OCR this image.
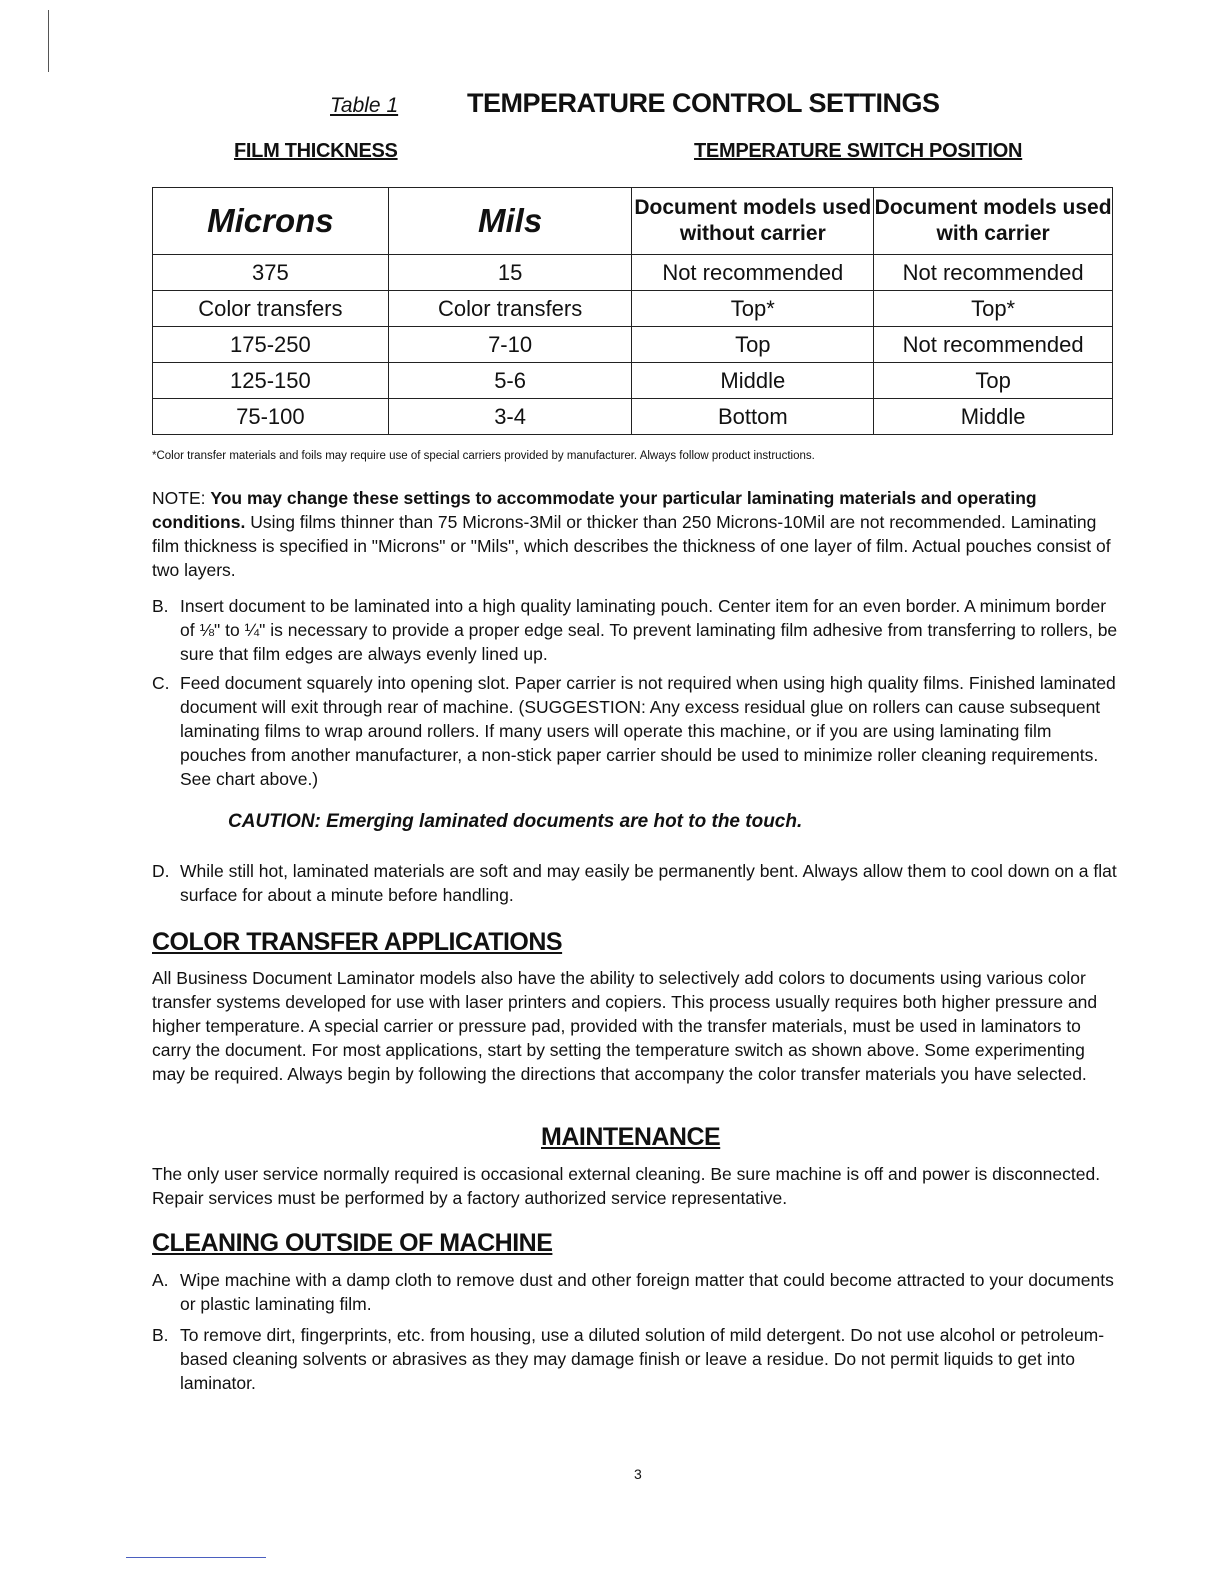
Table 1	TEMPERATURE CONTROL SETTINGS
FILM THICKNESS	TEMPERATURE SWITCH POSITION
Microns	Mils	Document models used without carrier	Document models used with carrier
375	15	Not recommended	Not recommended
Color transfers	Color transfers	Top*	Top*
175-250	7-10	Top	Not recommended
125-150	5-6	Middle	Top
75-100	3-4	Bottom	Middle
*Color transfer materials and foils may require use of special carriers provided by manufacturer. Always follow product instructions.
NOTE: You may change these settings to accommodate your particular laminating materials and operating conditions. Using films thinner than 75 Microns-3Mil or thicker than 250 Microns-10Mil are not recommended. Laminating film thickness is specified in "Microns" or "Mils", which describes the thickness of one layer of film. Actual pouches consist of two layers.
B. Insert document to be laminated into a high quality laminating pouch. Center item for an even border. A minimum border of ⅛" to ¼" is necessary to provide a proper edge seal. To prevent laminating film adhesive from transferring to rollers, be sure that film edges are always evenly lined up.
C. Feed document squarely into opening slot. Paper carrier is not required when using high quality films. Finished laminated document will exit through rear of machine. (SUGGESTION: Any excess residual glue on rollers can cause subsequent laminating films to wrap around rollers. If many users will operate this machine, or if you are using laminating film pouches from another manufacturer, a non-stick paper carrier should be used to minimize roller cleaning requirements. See chart above.)
CAUTION: Emerging laminated documents are hot to the touch.
D. While still hot, laminated materials are soft and may easily be permanently bent. Always allow them to cool down on a flat surface for about a minute before handling.
COLOR TRANSFER APPLICATIONS
All Business Document Laminator models also have the ability to selectively add colors to documents using various color transfer systems developed for use with laser printers and copiers. This process usually requires both higher pressure and higher temperature. A special carrier or pressure pad, provided with the transfer materials, must be used in laminators to carry the document. For most applications, start by setting the temperature switch as shown above. Some experimenting may be required. Always begin by following the directions that accompany the color transfer materials you have selected.
MAINTENANCE
The only user service normally required is occasional external cleaning. Be sure machine is off and power is disconnected. Repair services must be performed by a factory authorized service representative.
CLEANING OUTSIDE OF MACHINE
A. Wipe machine with a damp cloth to remove dust and other foreign matter that could become attracted to your documents or plastic laminating film.
B. To remove dirt, fingerprints, etc. from housing, use a diluted solution of mild detergent. Do not use alcohol or petroleum-based cleaning solvents or abrasives as they may damage finish or leave a residue. Do not permit liquids to get into laminator.
3
